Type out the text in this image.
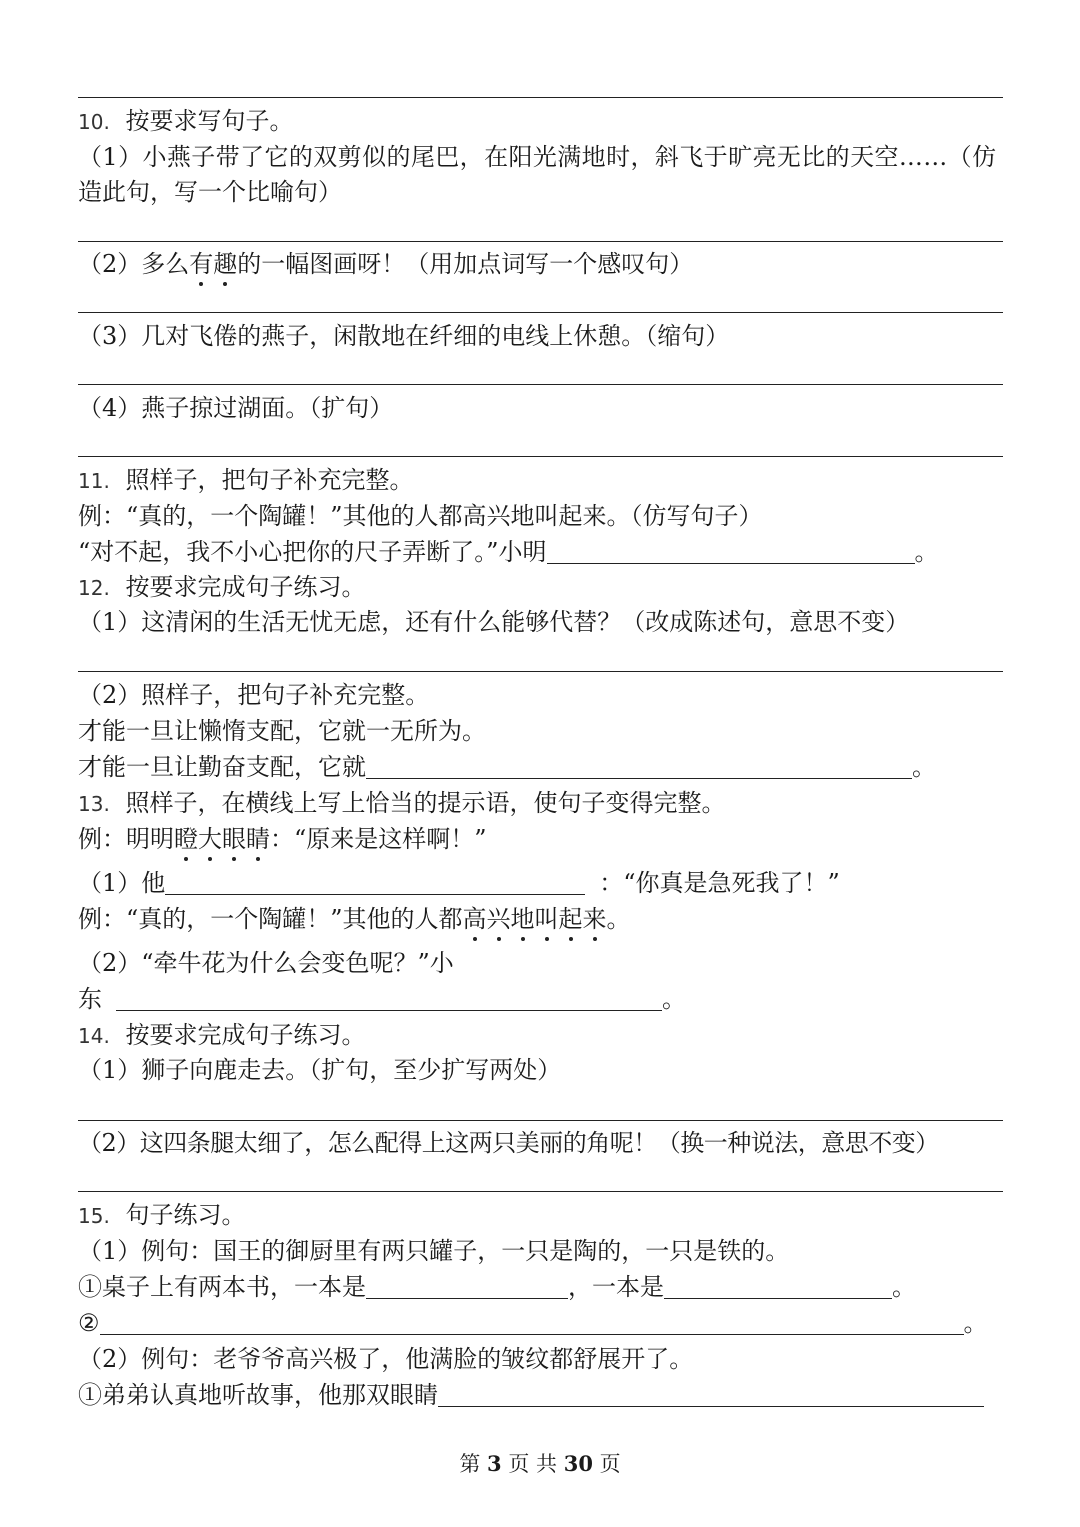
10. 按要求写句子。
（1）小燕子带了它的双剪似的尾巴，在阳光满地时，斜飞于旷亮无比的天空……（仿
造此句，写一个比喻句）
（2）多么有趣的一幅图画呀！（用加点词写一个感叹句）
（3）几对飞倦的燕子，闲散地在纤细的电线上休憩。（缩句）
（4）燕子掠过湖面。（扩句）
11. 照样子，把句子补充完整。
例：“真的，一个陶罐！”其他的人都高兴地叫起来。（仿写句子）
“对不起，我不小心把你的尺子弄断了。”小明	。
12. 按要求完成句子练习。
（1）这清闲的生活无忧无虑，还有什么能够代替？（改成陈述句，意思不变）
（2）照样子，把句子补充完整。
才能一旦让懒惰支配，它就一无所为。
才能一旦让勤奋支配，它就	。
13. 照样子，在横线上写上恰当的提示语，使句子变得完整。
例：明明瞪大眼睛：“原来是这样啊！”
（1）他	：“你真是急死我了！”
例：“真的，一个陶罐！”其他的人都高兴地叫起来。
（2）“牵牛花为什么会变色呢？”小
东	。
14. 按要求完成句子练习。
（1）狮子向鹿走去。（扩句，至少扩写两处）
（2）这四条腿太细了，怎么配得上这两只美丽的角呢！（换一种说法，意思不变）
15. 句子练习。
（1）例句：国王的御厨里有两只罐子，一只是陶的，一只是铁的。
①桌子上有两本书，一本是	，一本是	。
②	。
（2）例句：老爷爷高兴极了，他满脸的皱纹都舒展开了。
①弟弟认真地听故事，他那双眼睛
第 3 页 共 30 页
